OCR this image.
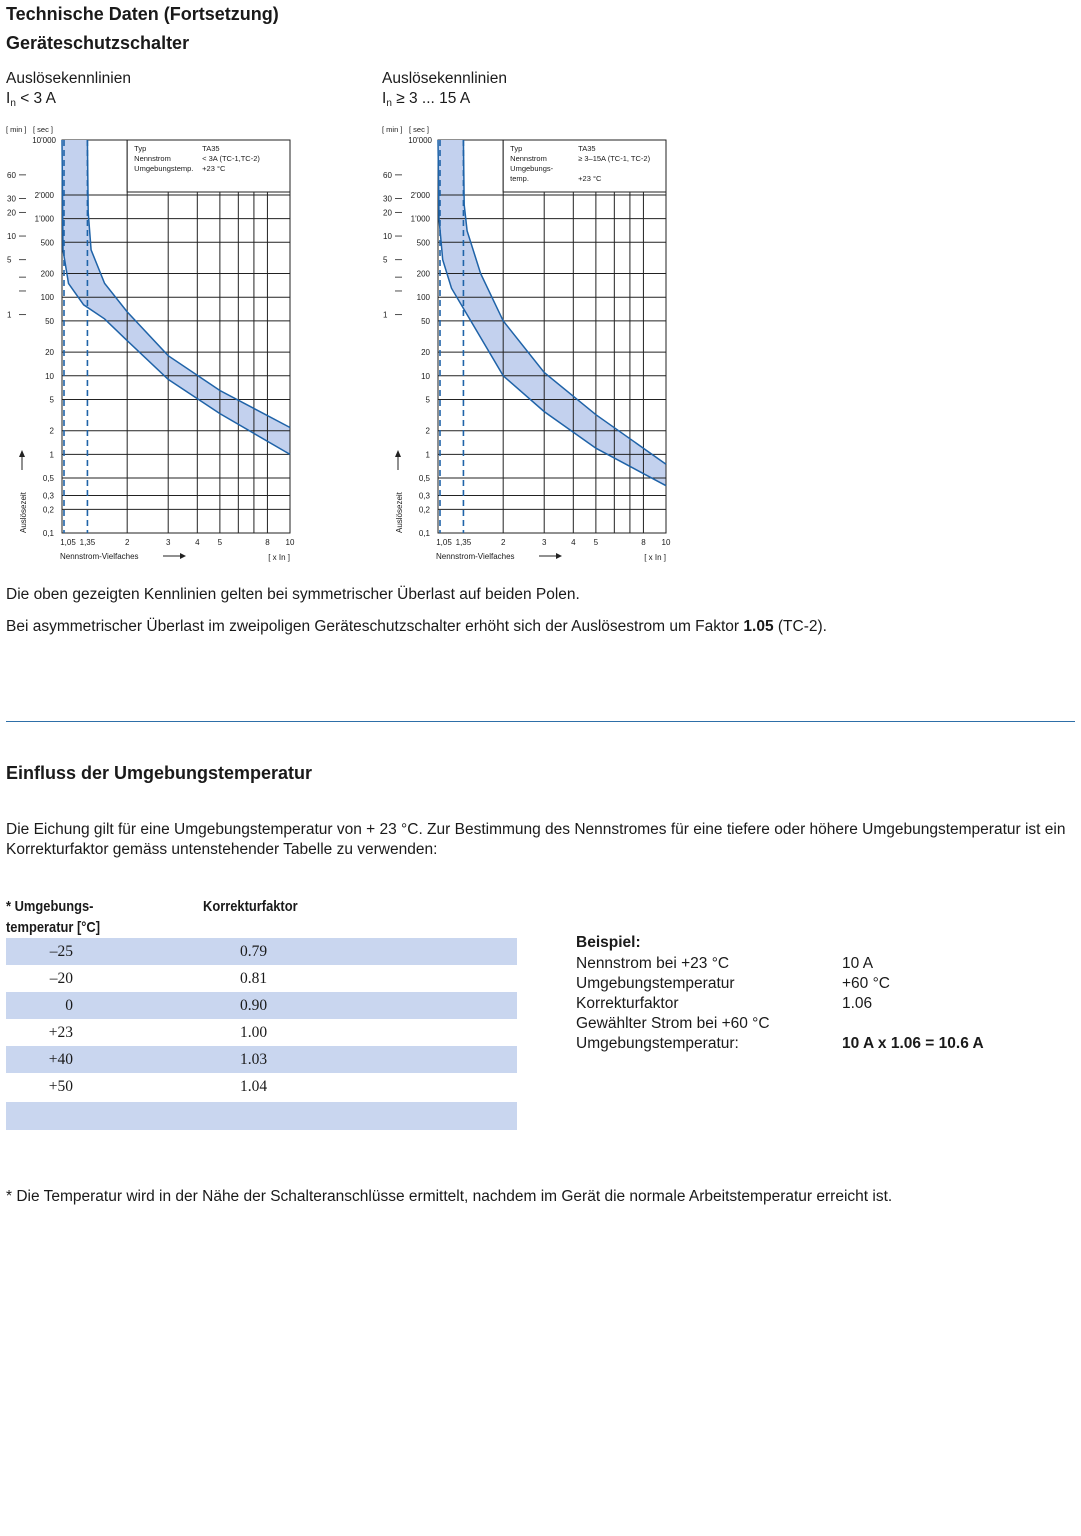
Technische Daten (Fortsetzung)
Geräteschutzschalter
Auslösekennlinien
$I_n < 3$ A
Auslösekennlinien
$I_n \ge 3$ ... 15 A
Typ	TA35
Nennstrom	< 3A (TC-1,TC-2)
Umgebungstemp. +23 °C
10'000
2'000
1'000
500
200
100
50
20
10
5
2
1
0,5
0,3
0,2
0,1
60
30
20
10
5
1
[ min ] [ sec ]
1,05 1,35	2	3	4 5	8 10
Nennstrom-Vielfaches	[ x In ]
Auslösezeit
Typ	TA35
Nennstrom	≥ 3–15A (TC-1, TC-2)
Umgebungs-
temp.	+23 °C
10'000
2'000
1'000
500
200
100
50
20
10
5
2
1
0,5
0,3
0,2
0,1
60
30
20
10
5
1
[ min ] [ sec ]
1,05 1,35	2	3	4 5	8 10
Nennstrom-Vielfaches	[ x In ]
Auslösezeit
Die oben gezeigten Kennlinien gelten bei symmetrischer Überlast auf beiden Polen.
Bei asymmetrischer Überlast im zweipoligen Geräteschutzschalter erhöht sich der Auslösestrom um Faktor 1.05 (TC-2).
Einfluss der Umgebungstemperatur
Die Eichung gilt für eine Umgebungstemperatur von + 23 °C. Zur Bestimmung des Nennstromes für eine tiefere oder höhere Umgebungstemperatur ist ein Korrekturfaktor gemäss untenstehender Tabelle zu verwenden:
* Umgebungs-
temperatur [°C]
Korrekturfaktor
–25	0.79
–20	0.81
0	0.90
+23	1.00
+40	1.03
+50	1.04
Beispiel:
Nennstrom bei +23 °C	10 A
Umgebungstemperatur	+60 °C
Korrekturfaktor	1.06
Gewählter Strom bei +60 °C
Umgebungstemperatur:	10 A x 1.06 = 10.6 A
* Die Temperatur wird in der Nähe der Schalteranschlüsse ermittelt, nachdem im Gerät die normale Arbeitstemperatur erreicht ist.
